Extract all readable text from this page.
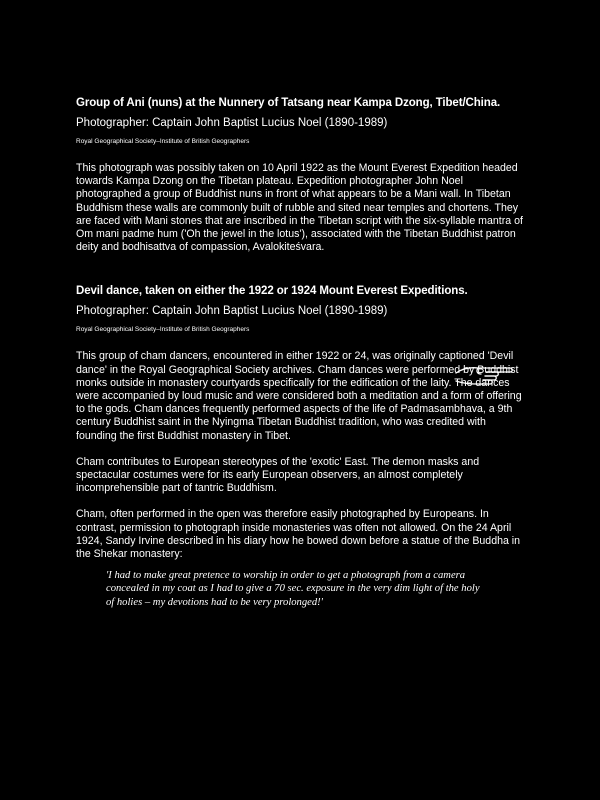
Group of Ani (nuns) at the Nunnery of Tatsang near Kampa Dzong, Tibet/China.
Photographer: Captain John Baptist Lucius Noel (1890-1989)
Royal Geographical Society–Institute of British Geographers

This photograph was possibly taken on 10 April 1922 as the Mount Everest Expedition headed towards Kampa Dzong on the Tibetan plateau. Expedition photographer John Noel photographed a group of Buddhist nuns in front of what appears to be a Mani wall. In Tibetan Buddhism these walls are commonly built of rubble and sited near temples and chortens. They are faced with Mani stones that are inscribed in the Tibetan script with the six-syllable mantra of Om mani padme hum ('Oh the jewel in the lotus'), associated with the Tibetan Buddhist patron deity and bodhisattva of compassion, Avalokiteśvara.

Devil dance, taken on either the 1922 or 1924 Mount Everest Expeditions.
Photographer: Captain John Baptist Lucius Noel (1890-1989)
Royal Geographical Society–Institute of British Geographers

This group of cham dancers, encountered in either 1922 or 24, was originally captioned 'Devil dance' in the Royal Geographical Society archives. Cham dances were performed by Buddhist monks outside in monastery courtyards specifically for the edification of the laity. The dances were accompanied by loud music and were considered both a meditation and a form of offering to the gods. Cham dances frequently performed aspects of the life of Padmasambhava, a 9th century Buddhist saint in the Nyingma Tibetan Buddhist tradition, who was credited with founding the first Buddhist monastery in Tibet.

Cham contributes to European stereotypes of the 'exotic' East. The demon masks and spectacular costumes were for its early European observers, an almost completely incomprehensible part of tantric Buddhism.

Cham, often performed in the open was therefore easily photographed by Europeans. In contrast, permission to photograph inside monasteries was often not allowed. On the 24 April 1924, Sandy Irvine described in his diary how he bowed down before a statue of the Buddha in the Shekar monastery:

'I had to make great pretence to worship in order to get a photograph from a camera concealed in my coat as I had to give a 70 sec. exposure in the very dim light of the holy of holies – my devotions had to be very prolonged!'
